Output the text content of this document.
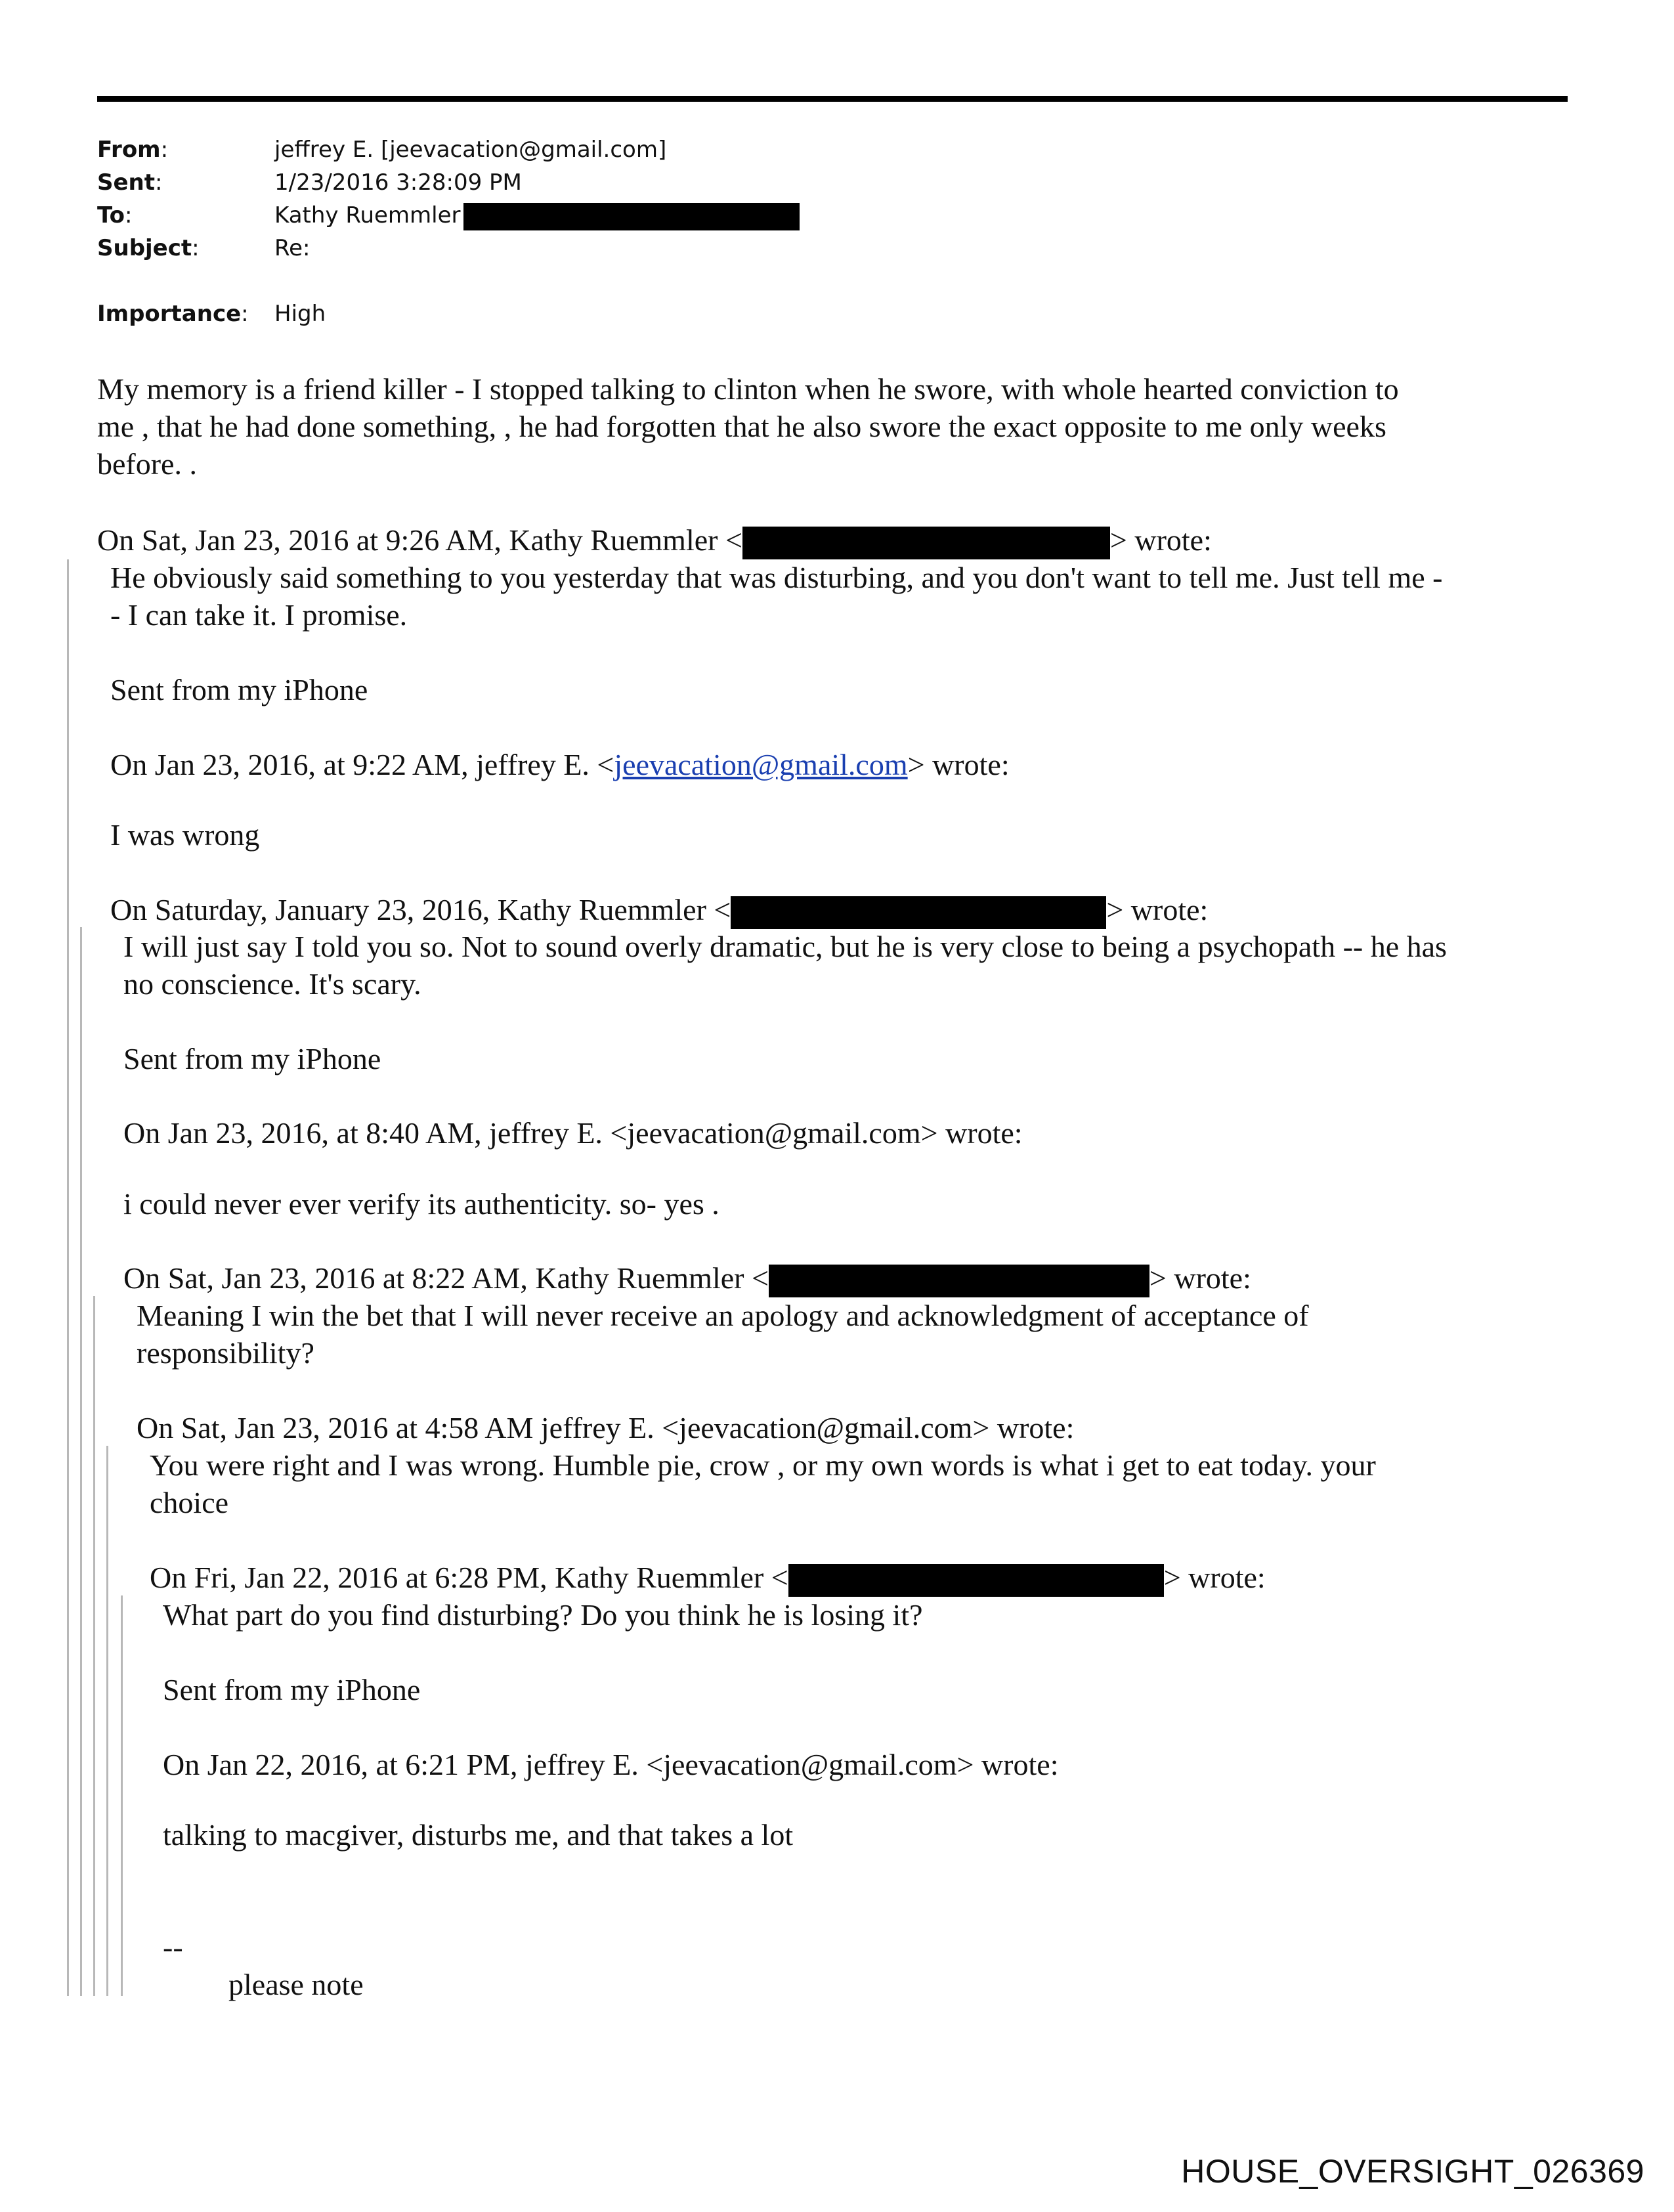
From:	jeffrey E. [jeevacation@gmail.com]
Sent:	1/23/2016 3:28:09 PM
To:	Kathy Ruemmler
Subject:	Re:
Importance:	High
My memory is a friend killer - I stopped talking to clinton when he swore, with whole hearted conviction to
me , that he had done something, , he had forgotten that he also swore the exact opposite to me only weeks
before. .
On Sat, Jan 23, 2016 at 9:26 AM, Kathy Ruemmler <	> wrote:
He obviously said something to you yesterday that was disturbing, and you don't want to tell me. Just tell me -
- I can take it. I promise.
Sent from my iPhone
On Jan 23, 2016, at 9:22 AM, jeffrey E. <jeevacation@gmail.com> wrote:
I was wrong
On Saturday, January 23, 2016, Kathy Ruemmler <	> wrote:
I will just say I told you so. Not to sound overly dramatic, but he is very close to being a psychopath -- he has
no conscience. It's scary.
Sent from my iPhone
On Jan 23, 2016, at 8:40 AM, jeffrey E. <jeevacation@gmail.com> wrote:
i could never ever verify its authenticity. so- yes .
On Sat, Jan 23, 2016 at 8:22 AM, Kathy Ruemmler <	> wrote:
Meaning I win the bet that I will never receive an apology and acknowledgment of acceptance of
responsibility?
On Sat, Jan 23, 2016 at 4:58 AM jeffrey E. <jeevacation@gmail.com> wrote:
You were right and I was wrong. Humble pie, crow , or my own words is what i get to eat today. your
choice
On Fri, Jan 22, 2016 at 6:28 PM, Kathy Ruemmler <	> wrote:
What part do you find disturbing? Do you think he is losing it?
Sent from my iPhone
On Jan 22, 2016, at 6:21 PM, jeffrey E. <jeevacation@gmail.com> wrote:
talking to macgiver, disturbs me, and that takes a lot
--
please note
HOUSE_OVERSIGHT_026369
